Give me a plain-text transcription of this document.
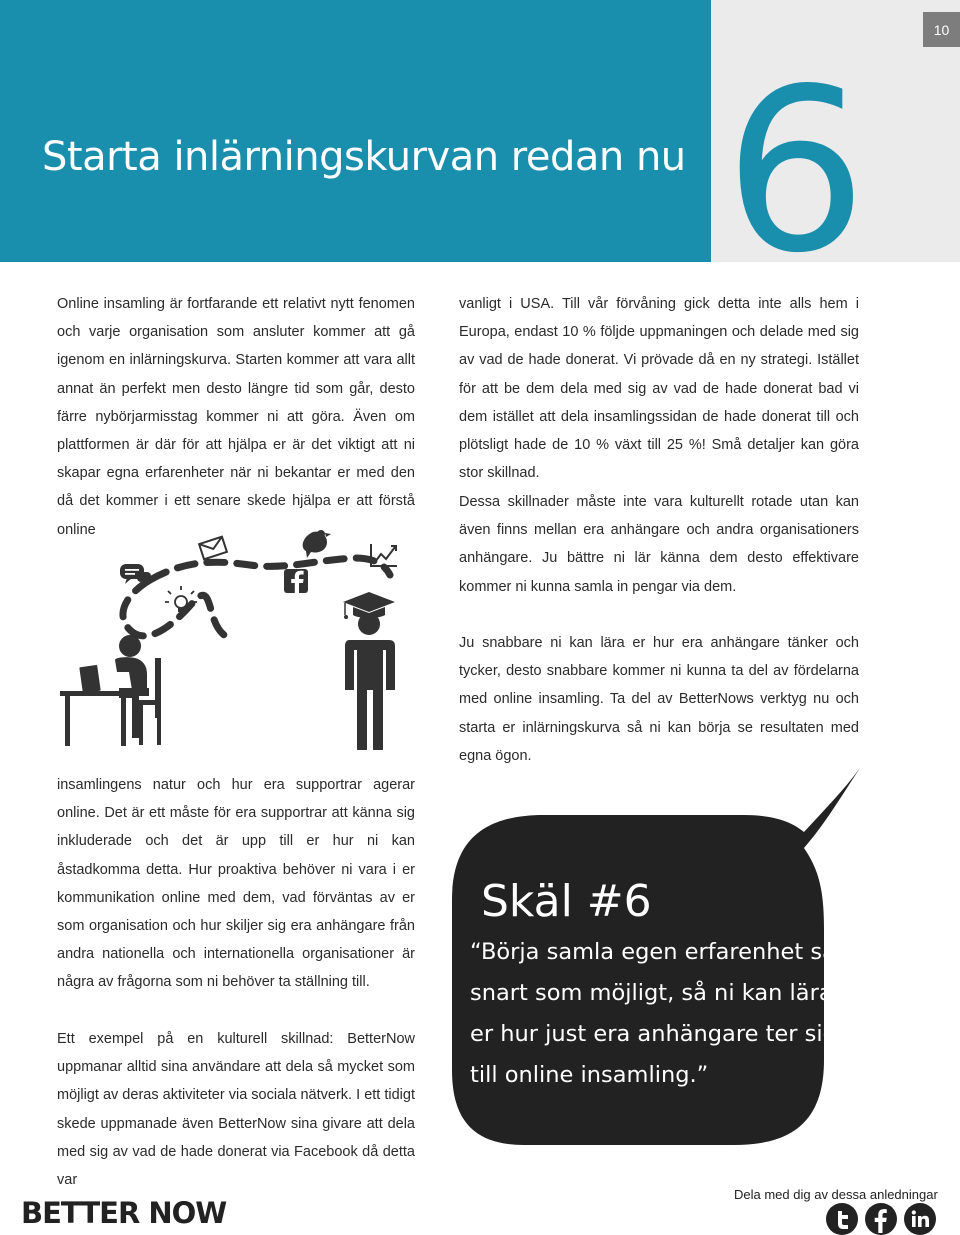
Starta inlärningskurvan redan nu 6
10

Online insamling är fortfarande ett relativt nytt fenomen och varje organisation som ansluter kommer att gå igenom en inlärningskurva. Starten kommer att vara allt annat än perfekt men desto längre tid som går, desto färre nybörjarmisstag kommer ni att göra. Även om plattformen är där för att hjälpa er är det viktigt att ni skapar egna erfarenheter när ni bekantar er med den då det kommer i ett senare skede hjälpa er att förstå online

insamlingens natur och hur era supportrar agerar online. Det är ett måste för era supportrar att känna sig inkluderade och det är upp till er hur ni kan åstadkomma detta. Hur proaktiva behöver ni vara i er kommunikation online med dem, vad förväntas av er som organisation och hur skiljer sig era anhängare från andra nationella och internationella organisationer är några av frågorna som ni behöver ta ställning till.

Ett exempel på en kulturell skillnad: BetterNow uppmanar alltid sina användare att dela så mycket som möjligt av deras aktiviteter via sociala nätverk. I ett tidigt skede uppmanade även BetterNow sina givare att dela med sig av vad de hade donerat via Facebook då detta var

vanligt i USA. Till vår förvåning gick detta inte alls hem i Europa, endast 10 % följde uppmaningen och delade med sig av vad de hade donerat. Vi prövade då en ny strategi. Istället för att be dem dela med sig av vad de hade donerat bad vi dem istället att dela insamlingssidan de hade donerat till och plötsligt hade de 10 % växt till 25 %! Små detaljer kan göra stor skillnad.

Dessa skillnader måste inte vara kulturellt rotade utan kan även finns mellan era anhängare och andra organisationers anhängare. Ju bättre ni lär känna dem desto effektivare kommer ni kunna samla in pengar via dem.

Ju snabbare ni kan lära er hur era anhängare tänker och tycker, desto snabbare kommer ni kunna ta del av fördelarna med online insamling. Ta del av BetterNows verktyg nu och starta er inlärningskurva så ni kan börja se resultaten med egna ögon.

Skäl #6

“Börja samla egen erfarenhet så snart som möjligt, så ni kan lära er hur just era anhängare ter sig till online insamling.”

BETTER NOW
Dela med dig av dessa anledningar
